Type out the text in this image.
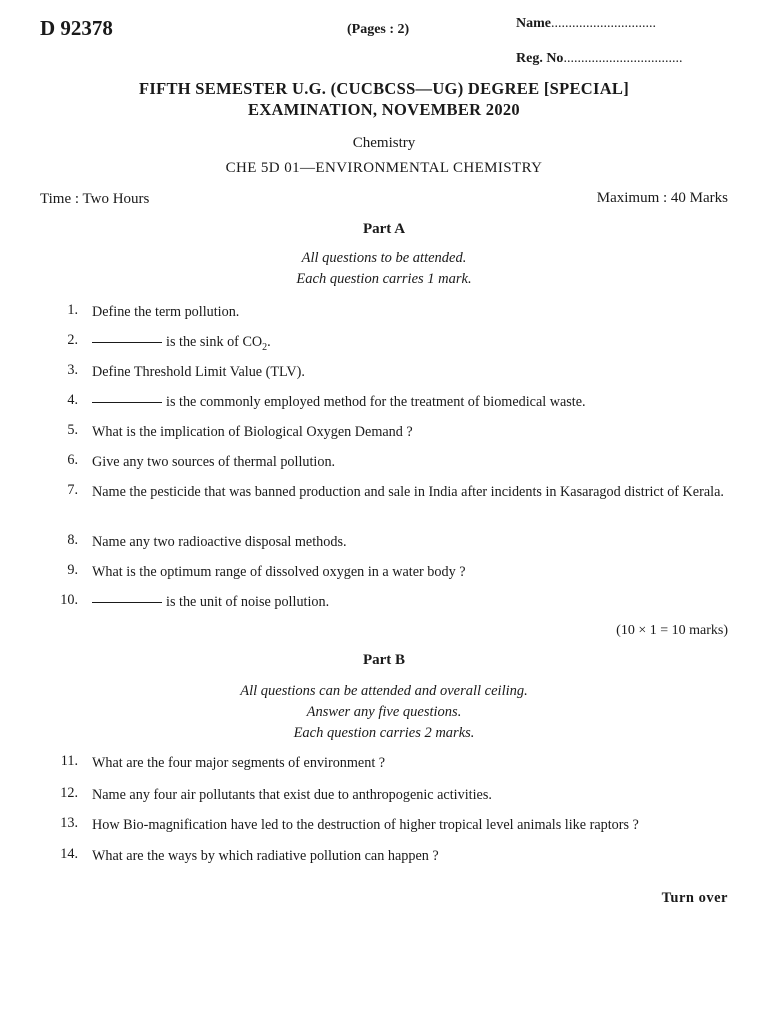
D 92378	(Pages : 2)	Name..............................
Reg. No..................................
FIFTH SEMESTER U.G. (CUCBCSS—UG) DEGREE [SPECIAL]
EXAMINATION, NOVEMBER 2020
Chemistry
CHE 5D 01—ENVIRONMENTAL CHEMISTRY
Time : Two Hours	Maximum : 40 Marks
Part A
All questions to be attended.
Each question carries 1 mark.
1. Define the term pollution.
2.	is the sink of $CO_2$.
3. Define Threshold Limit Value (TLV).
4.	is the commonly employed method for the treatment of biomedical waste.
5. What is the implication of Biological Oxygen Demand ?
6. Give any two sources of thermal pollution.
7. Name the pesticide that was banned production and sale in India after incidents in Kasaragod district of Kerala.
8. Name any two radioactive disposal methods.
9. What is the optimum range of dissolved oxygen in a water body ?
10.	is the unit of noise pollution.
(10 × 1 = 10 marks)
Part B
All questions can be attended and overall ceiling.
Answer any five questions.
Each question carries 2 marks.
11. What are the four major segments of environment ?
12. Name any four air pollutants that exist due to anthropogenic activities.
13. How Bio-magnification have led to the destruction of higher tropical level animals like raptors ?
14. What are the ways by which radiative pollution can happen ?
Turn over
